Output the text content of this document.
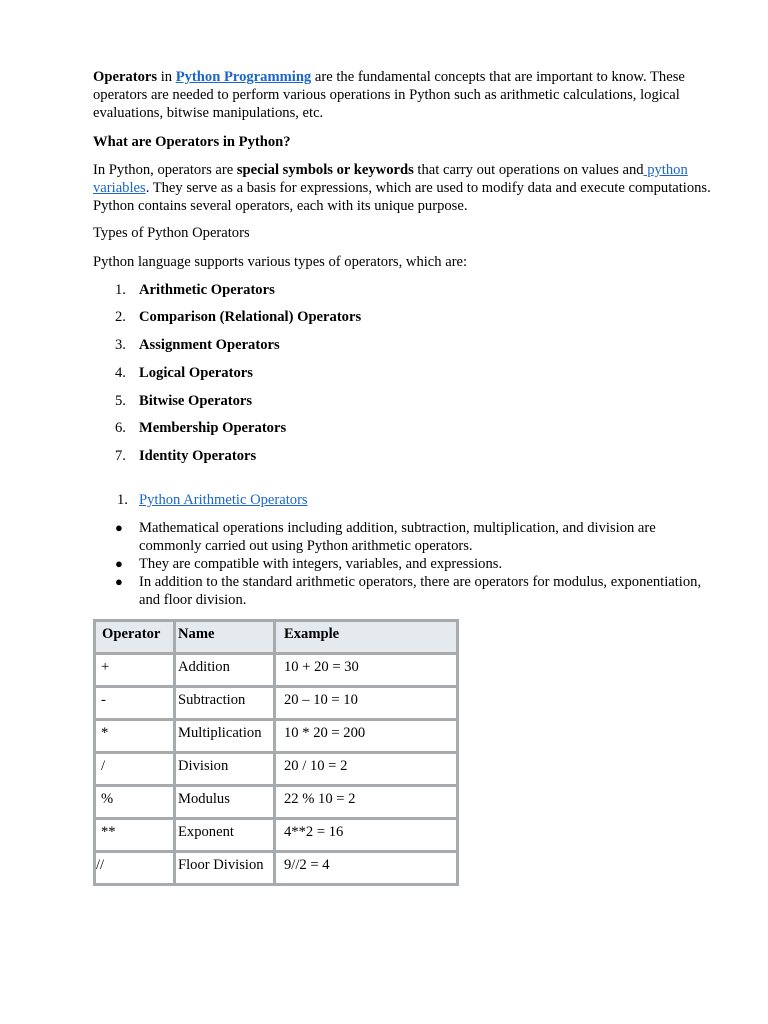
Operators in Python Programming are the fundamental concepts that are important to know. These operators are needed to perform various operations in Python such as arithmetic calculations, logical evaluations, bitwise manipulations, etc.

What are Operators in Python?

In Python, operators are special symbols or keywords that carry out operations on values and python variables. They serve as a basis for expressions, which are used to modify data and execute computations. Python contains several operators, each with its unique purpose.

Types of Python Operators

Python language supports various types of operators, which are:

1. Arithmetic Operators
2. Comparison (Relational) Operators
3. Assignment Operators
4. Logical Operators
5. Bitwise Operators
6. Membership Operators
7. Identity Operators
1. Python Arithmetic Operators
● Mathematical operations including addition, subtraction, multiplication, and division are commonly carried out using Python arithmetic operators.
● They are compatible with integers, variables, and expressions.
● In addition to the standard arithmetic operators, there are operators for modulus, exponentiation, and floor division.
Operator	Name	Example
+	Addition	10 + 20 = 30
-	Subtraction	20 – 10 = 10
*	Multiplication	10 * 20 = 200
/	Division	20 / 10 = 2
%	Modulus	22 % 10 = 2
**	Exponent	4**2 = 16
//	Floor Division	9//2 = 4
